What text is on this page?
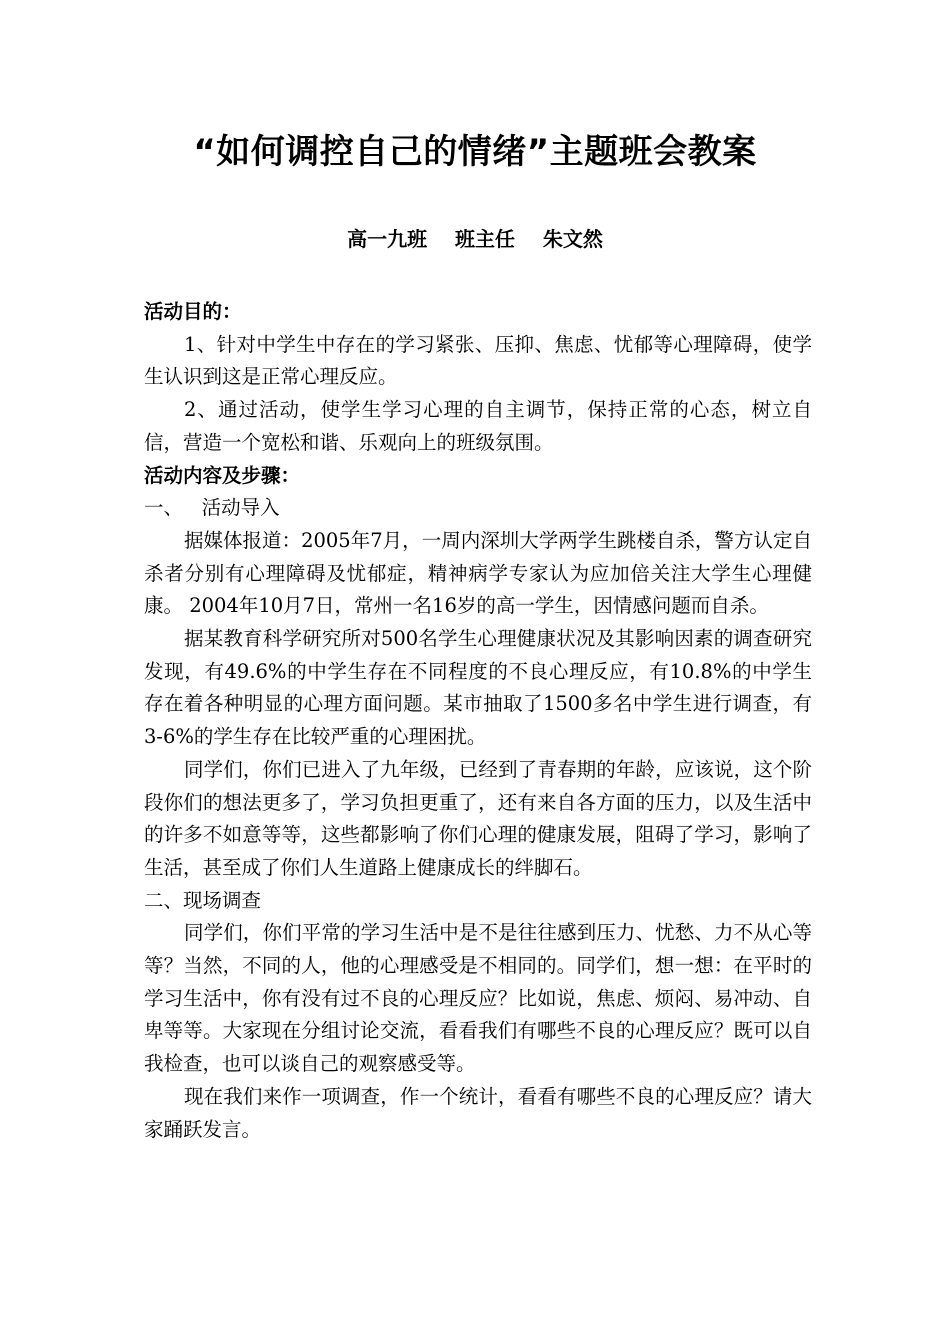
“如何调控自己的情绪”主题班会教案
高一九班    班主任    朱文然

活动目的：

1、针对中学生中存在的学习紧张、压抑、焦虑、忧郁等心理障碍，使学生认识到这是正常心理反应。

2、通过活动，使学生学习心理的自主调节，保持正常的心态，树立自信，营造一个宽松和谐、乐观向上的班级氛围。

活动内容及步骤：

一、   活动导入

据媒体报道：2005年7月，一周内深圳大学两学生跳楼自杀，警方认定自杀者分别有心理障碍及忧郁症，精神病学专家认为应加倍关注大学生心理健康。 2004年10月7日，常州一名16岁的高一学生，因情感问题而自杀。

据某教育科学研究所对500名学生心理健康状况及其影响因素的调查研究发现，有49.6%的中学生存在不同程度的不良心理反应，有10.8%的中学生存在着各种明显的心理方面问题。某市抽取了1500多名中学生进行调查，有3-6%的学生存在比较严重的心理困扰。

同学们，你们已进入了九年级，已经到了青春期的年龄，应该说，这个阶段你们的想法更多了，学习负担更重了，还有来自各方面的压力，以及生活中的许多不如意等等，这些都影响了你们心理的健康发展，阻碍了学习，影响了生活，甚至成了你们人生道路上健康成长的绊脚石。

二、现场调查

同学们，你们平常的学习生活中是不是往往感到压力、忧愁、力不从心等等？当然，不同的人，他的心理感受是不相同的。同学们，想一想：在平时的学习生活中，你有没有过不良的心理反应？比如说，焦虑、烦闷、易冲动、自卑等等。大家现在分组讨论交流，看看我们有哪些不良的心理反应？既可以自我检查，也可以谈自己的观察感受等。

现在我们来作一项调查，作一个统计，看看有哪些不良的心理反应？请大家踊跃发言。
